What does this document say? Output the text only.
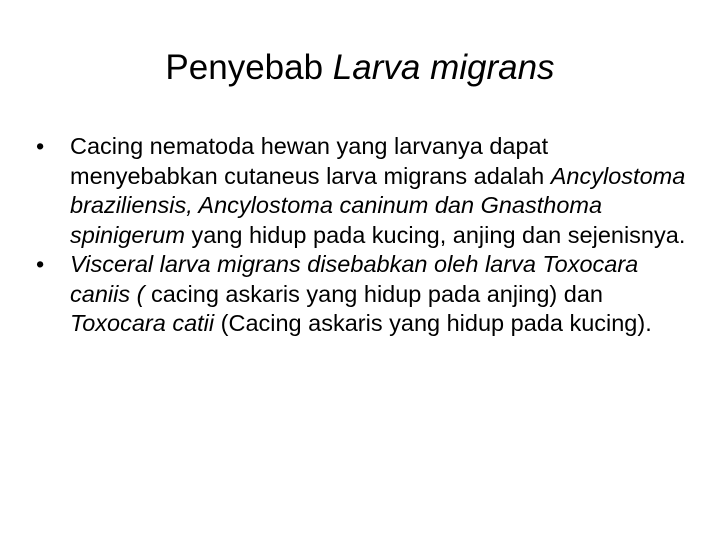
Penyebab Larva migrans
•	Cacing nematoda hewan yang larvanya dapat menyebabkan cutaneus larva migrans adalah Ancylostoma braziliensis, Ancylostoma caninum dan Gnasthoma spinigerum yang hidup pada kucing, anjing dan sejenisnya.
•	Visceral larva migrans disebabkan oleh larva Toxocara caniis ( cacing askaris yang hidup pada anjing) dan Toxocara catii (Cacing askaris yang hidup pada kucing).
